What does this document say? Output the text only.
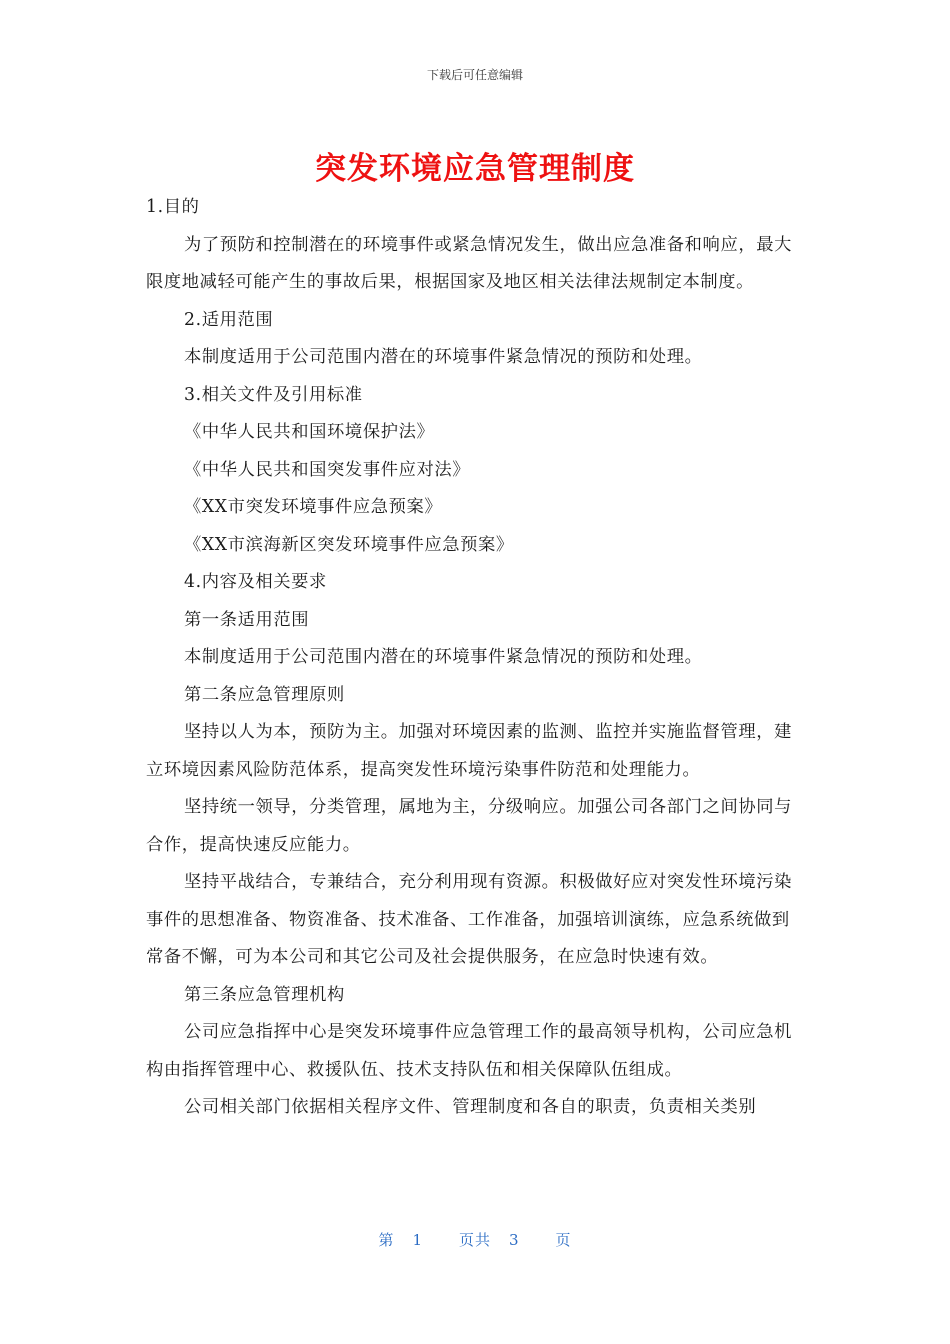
下载后可任意编辑
突发环境应急管理制度

1.目的

为了预防和控制潜在的环境事件或紧急情况发生，做出应急准备和响应，最大限度地减轻可能产生的事故后果，根据国家及地区相关法律法规制定本制度。

2.适用范围

本制度适用于公司范围内潜在的环境事件紧急情况的预防和处理。

3.相关文件及引用标准

《中华人民共和国环境保护法》

《中华人民共和国突发事件应对法》

《XX市突发环境事件应急预案》

《XX市滨海新区突发环境事件应急预案》

4.内容及相关要求

第一条适用范围

本制度适用于公司范围内潜在的环境事件紧急情况的预防和处理。

第二条应急管理原则

坚持以人为本，预防为主。加强对环境因素的监测、监控并实施监督管理，建立环境因素风险防范体系，提高突发性环境污染事件防范和处理能力。

坚持统一领导，分类管理，属地为主，分级响应。加强公司各部门之间协同与合作，提高快速反应能力。

坚持平战结合，专兼结合，充分利用现有资源。积极做好应对突发性环境污染事件的思想准备、物资准备、技术准备、工作准备，加强培训演练，应急系统做到常备不懈，可为本公司和其它公司及社会提供服务，在应急时快速有效。

第三条应急管理机构

公司应急指挥中心是突发环境事件应急管理工作的最高领导机构，公司应急机构由指挥管理中心、救援队伍、技术支持队伍和相关保障队伍组成。

公司相关部门依据相关程序文件、管理制度和各自的职责，负责相关类别

第 1 页共 3 页
